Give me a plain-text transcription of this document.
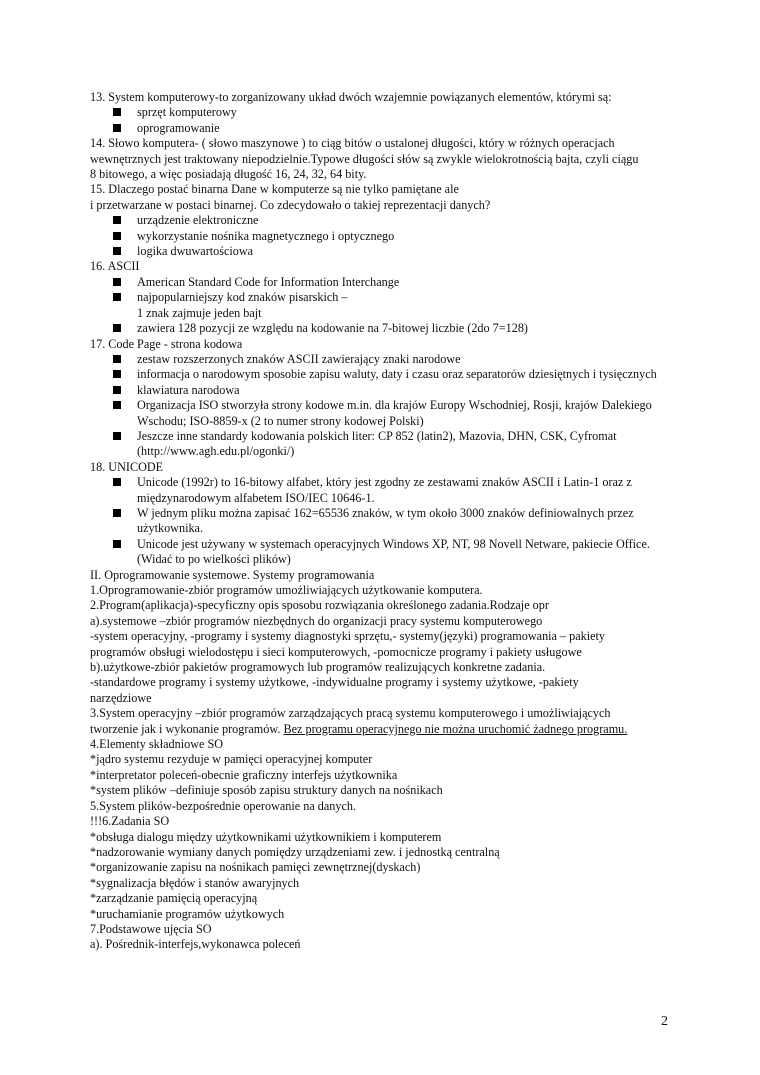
13. System komputerowy-to zorganizowany układ dwóch wzajemnie powiązanych elementów, którymi są:

sprzęt komputerowy
oprogramowanie

14. Słowo komputera- ( słowo maszynowe ) to ciąg bitów o ustalonej długości, który w różnych operacjach

wewnętrznych jest traktowany niepodzielnie.Typowe długości słów są zwykle wielokrotnością bajta, czyli ciągu

8 bitowego, a więc posiadają długość 16, 24, 32, 64 bity.

15. Dlaczego postać binarna Dane w komputerze są nie tylko pamiętane ale

i przetwarzane w postaci binarnej. Co zdecydowało o takiej reprezentacji danych?

urządzenie elektroniczne
wykorzystanie nośnika magnetycznego i optycznego
logika dwuwartościowa

16. ASCII

American Standard Code for Information Interchange
najpopularniejszy kod znaków pisarskich –
1 znak zajmuje jeden bajt
zawiera 128 pozycji ze względu na kodowanie na 7-bitowej liczbie (2do 7=128)

17. Code Page - strona kodowa

zestaw rozszerzonych znaków ASCII zawierający znaki narodowe
informacja o narodowym sposobie zapisu waluty, daty i czasu oraz separatorów dziesiętnych i tysięcznych
klawiatura narodowa
Organizacja ISO stworzyła strony kodowe m.in. dla krajów Europy Wschodniej, Rosji, krajów Dalekiego Wschodu; ISO-8859-x (2 to numer strony kodowej Polski)
Jeszcze inne standardy kodowania polskich liter: CP 852 (latin2), Mazovia, DHN, CSK, Cyfromat (http://www.agh.edu.pl/ogonki/)

18. UNICODE

Unicode (1992r) to 16-bitowy alfabet, który jest zgodny ze zestawami znaków ASCII i Latin-1 oraz z międzynarodowym alfabetem ISO/IEC 10646-1.
W jednym pliku można zapisać 162=65536 znaków, w tym około 3000 znaków definiowalnych przez użytkownika.
Unicode jest używany w systemach operacyjnych Windows XP, NT, 98 Novell Netware, pakiecie Office. (Widać to po wielkości plików)

II. Oprogramowanie systemowe. Systemy programowania

1.Oprogramowanie-zbiór programów umożliwiających użytkowanie komputera.

2.Program(aplikacja)-specyficzny opis sposobu rozwiązania określonego zadania.Rodzaje opr

a).systemowe –zbiór programów niezbędnych do organizacji pracy systemu komputerowego

-system operacyjny, -programy i systemy diagnostyki sprzętu,- systemy(języki) programowania – pakiety

programów obsługi wielodostępu i sieci komputerowych, -pomocnicze programy i pakiety usługowe

b).użytkowe-zbiór pakietów programowych lub programów realizujących konkretne zadania.

-standardowe programy i systemy użytkowe, -indywidualne programy i systemy użytkowe, -pakiety

narzędziowe

3.System operacyjny –zbiór programów zarządzających pracą systemu komputerowego i umożliwiających

tworzenie jak i wykonanie programów. Bez programu operacyjnego nie można uruchomić żadnego programu.

4.Elementy składniowe SO

*jądro systemu rezyduje w pamięci operacyjnej komputer

*interpretator poleceń-obecnie graficzny interfejs użytkownika

*system plików –definiuje sposób zapisu struktury danych na nośnikach

5.System plików-bezpośrednie operowanie na danych.

!!!6.Zadania SO

*obsługa dialogu między użytkownikami użytkownikiem i komputerem

*nadzorowanie wymiany danych pomiędzy urządzeniami zew. i jednostką centralną

*organizowanie zapisu na nośnikach pamięci zewnętrznej(dyskach)

*sygnalizacja błędów i stanów awaryjnych

*zarządzanie pamięcią operacyjną

*uruchamianie programów użytkowych

7.Podstawowe ujęcia SO

a). Pośrednik-interfejs,wykonawca poleceń

2
